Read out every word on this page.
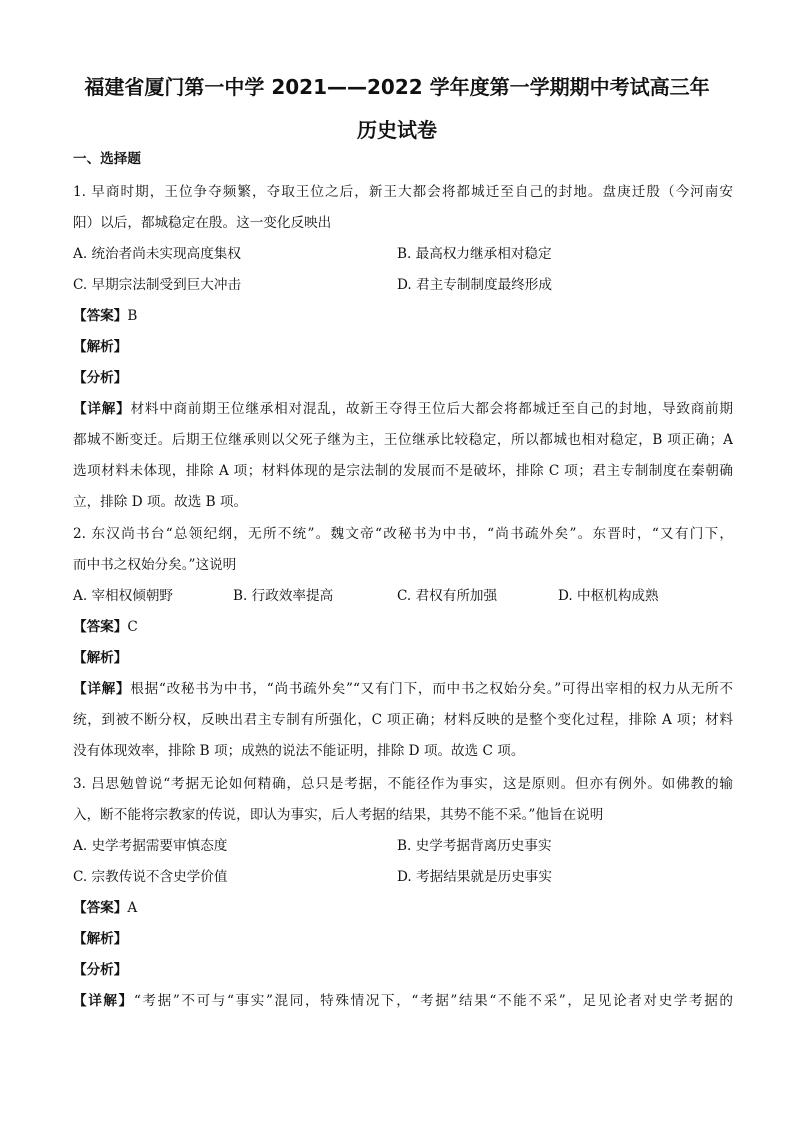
福建省厦门第一中学 2021——2022 学年度第一学期期中考试高三年
历史试卷
一、选择题
1. 早商时期，王位争夺频繁，夺取王位之后，新王大都会将都城迁至自己的封地。盘庚迁殷（今河南安
阳）以后，都城稳定在殷。这一变化反映出
A. 统治者尚未实现高度集权	B. 最高权力继承相对稳定
C. 早期宗法制受到巨大冲击	D. 君主专制制度最终形成
【答案】B
【解析】
【分析】
【详解】材料中商前期王位继承相对混乱，故新王夺得王位后大都会将都城迁至自己的封地，导致商前期
都城不断变迁。后期王位继承则以父死子继为主，王位继承比较稳定，所以都城也相对稳定，B 项正确；A
选项材料未体现，排除 A 项；材料体现的是宗法制的发展而不是破坏，排除 C 项；君主专制制度在秦朝确
立，排除 D 项。故选 B 项。
2. 东汉尚书台“总领纪纲，无所不统”。魏文帝“改秘书为中书，“尚书疏外矣”。东晋时，“又有门下，
而中书之权始分矣。”这说明
A. 宰相权倾朝野	B. 行政效率提高	C. 君权有所加强	D. 中枢机构成熟
【答案】C
【解析】
【详解】根据“改秘书为中书，“尚书疏外矣”“又有门下，而中书之权始分矣。”可得出宰相的权力从无所不
统，到被不断分权，反映出君主专制有所强化，C 项正确；材料反映的是整个变化过程，排除 A 项；材料
没有体现效率，排除 B 项；成熟的说法不能证明，排除 D 项。故选 C 项。
3. 吕思勉曾说“考据无论如何精确，总只是考据，不能径作为事实，这是原则。但亦有例外。如佛教的输
入，断不能将宗教家的传说，即认为事实，后人考据的结果，其势不能不采。”他旨在说明
A. 史学考据需要审慎态度	B. 史学考据背离历史事实
C. 宗教传说不含史学价值	D. 考据结果就是历史事实
【答案】A
【解析】
【分析】
【详解】“考据”不可与“事实”混同，特殊情况下，“考据”结果“不能不采”，足见论者对史学考据的
